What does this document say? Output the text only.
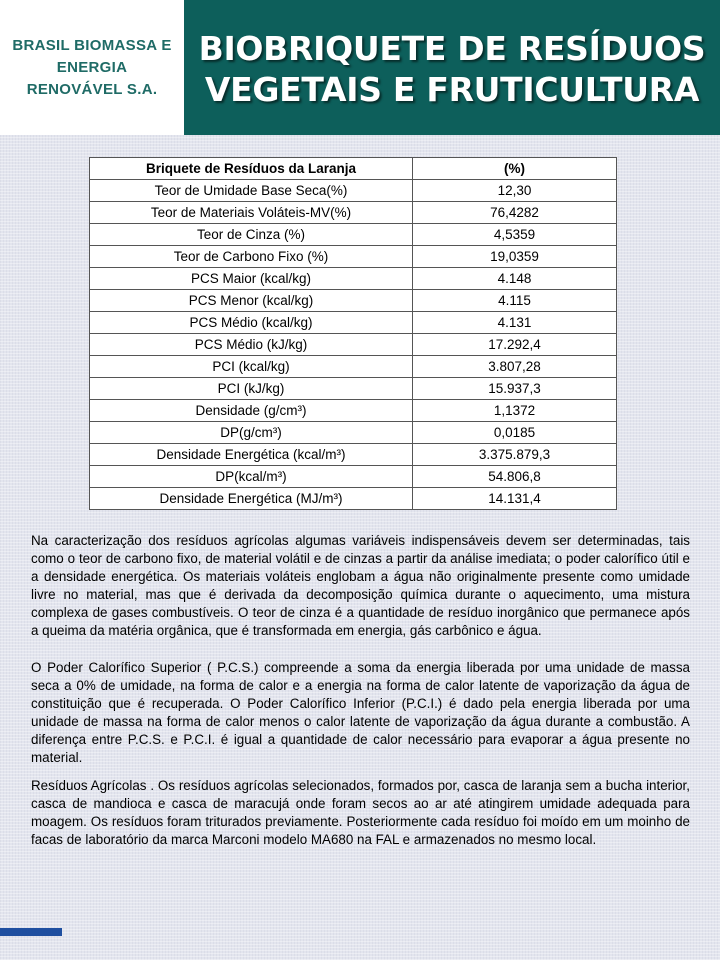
BRASIL BIOMASSA E ENERGIA RENOVÁVEL S.A.
BIOBRIQUETE DE RESÍDUOS
VEGETAIS E FRUTICULTURA
Briquete de Resíduos da Laranja	(%)
Teor de Umidade Base Seca(%)	12,30
Teor de Materiais Voláteis-MV(%)	76,4282
Teor de Cinza (%)	4,5359
Teor de Carbono Fixo (%)	19,0359
PCS Maior (kcal/kg)	4.148
PCS Menor (kcal/kg)	4.115
PCS Médio (kcal/kg)	4.131
PCS Médio (kJ/kg)	17.292,4
PCI (kcal/kg)	3.807,28
PCI (kJ/kg)	15.937,3
Densidade (g/cm³)	1,1372
DP(g/cm³)	0,0185
Densidade Energética (kcal/m³)	3.375.879,3
DP(kcal/m³)	54.806,8
Densidade Energética (MJ/m³)	14.131,4

Na caracterização dos resíduos agrícolas algumas variáveis indispensáveis devem ser determinadas, tais como o teor de carbono fixo, de material volátil e de cinzas a partir da análise imediata; o poder calorífico útil e a densidade energética. Os materiais voláteis englobam a água não originalmente presente como umidade livre no material, mas que é derivada da decomposição química durante o aquecimento, uma mistura complexa de gases combustíveis. O teor de cinza é a quantidade de resíduo inorgânico que permanece após a queima da matéria orgânica, que é transformada em energia, gás carbônico e água.

O Poder Calorífico Superior ( P.C.S.) compreende a soma da energia liberada por uma unidade de massa seca a 0% de umidade, na forma de calor e a energia na forma de calor latente de vaporização da água de constituição que é recuperada. O Poder Calorífico Inferior (P.C.I.) é dado pela energia liberada por uma unidade de massa na forma de calor menos o calor latente de vaporização da água durante a combustão. A diferença entre P.C.S. e P.C.I. é igual a quantidade de calor necessário para evaporar a água presente no material.

Resíduos Agrícolas . Os resíduos agrícolas selecionados, formados por, casca de laranja sem a bucha interior, casca de mandioca e casca de maracujá onde foram secos ao ar até atingirem umidade adequada para moagem. Os resíduos foram triturados previamente. Posteriormente cada resíduo foi moído em um moinho de facas de laboratório da marca Marconi modelo MA680 na FAL e armazenados no mesmo local.
